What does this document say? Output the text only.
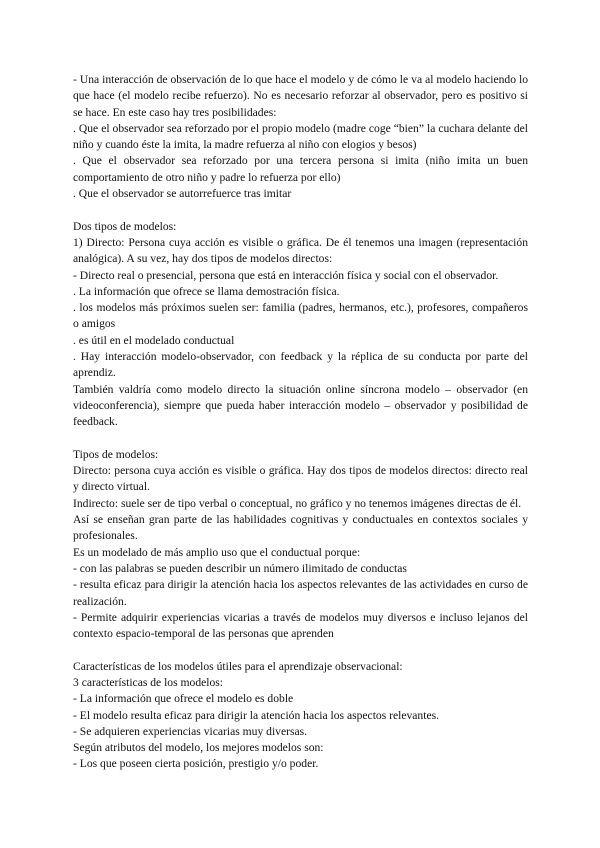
- Una interacción de observación de lo que hace el modelo y de cómo le va al modelo haciendo lo que hace (el modelo recibe refuerzo). No es necesario reforzar al observador, pero es positivo si se hace. En este caso hay tres posibilidades:

. Que el observador sea reforzado por el propio modelo (madre coge “bien” la cuchara delante del niño y cuando éste la imita, la madre refuerza al niño con elogios y besos)

. Que el observador sea reforzado por una tercera persona si imita (niño imita un buen comportamiento de otro niño y padre lo refuerza por ello)

. Que el observador se autorrefuerce tras imitar

Dos tipos de modelos:

1) Directo: Persona cuya acción es visible o gráfica. De él tenemos una imagen (representación analógica). A su vez, hay dos tipos de modelos directos:

- Directo real o presencial, persona que está en interacción física y social con el observador.

. La información que ofrece se llama demostración física.

. los modelos más próximos suelen ser: familia (padres, hermanos, etc.), profesores, compañeros o amigos

. es útil en el modelado conductual

. Hay interacción modelo-observador, con feedback y la réplica de su conducta por parte del aprendiz.

También valdría como modelo directo la situación online síncrona modelo – observador (en videoconferencia), siempre que pueda haber interacción modelo – observador y posibilidad de feedback.

Tipos de modelos:

Directo: persona cuya acción es visible o gráfica. Hay dos tipos de modelos directos: directo real y directo virtual.

Indirecto: suele ser de tipo verbal o conceptual, no gráfico y no tenemos imágenes directas de él.

Así se enseñan gran parte de las habilidades cognitivas y conductuales en contextos sociales y profesionales.

Es un modelado de más amplio uso que el conductual porque:

- con las palabras se pueden describir un número ilimitado de conductas

- resulta eficaz para dirigir la atención hacia los aspectos relevantes de las actividades en curso de realización.

- Permite adquirir experiencias vicarias a través de modelos muy diversos e incluso lejanos del contexto espacio-temporal de las personas que aprenden

Características de los modelos útiles para el aprendizaje observacional:

3 características de los modelos:

- La información que ofrece el modelo es doble

- El modelo resulta eficaz para dirigir la atención hacia los aspectos relevantes.

- Se adquieren experiencias vicarias muy diversas.

Según atributos del modelo, los mejores modelos son:

- Los que poseen cierta posición, prestigio y/o poder.
